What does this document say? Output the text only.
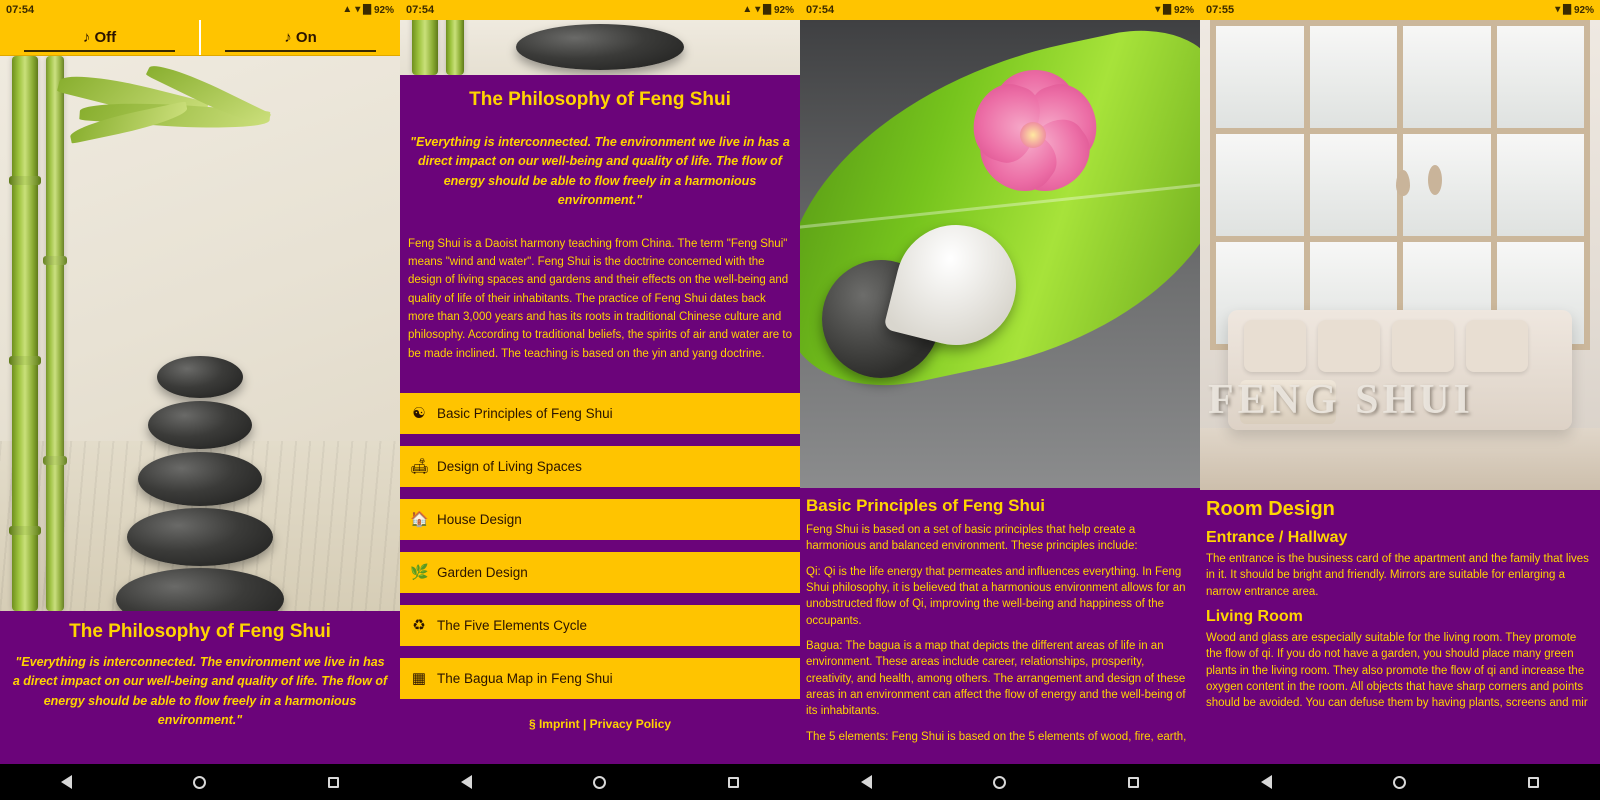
07:54	▲ ▾ ▇ 92%
♪ Off	♪ On
The Philosophy of Feng Shui
"Everything is interconnected. The environment we live in has a direct impact on our well-being and quality of life. The flow of energy should be able to flow freely in a harmonious environment."
07:54	▲ ▾ ▇ 92%
The Philosophy of Feng Shui
"Everything is interconnected. The environment we live in has a direct impact on our well-being and quality of life. The flow of energy should be able to flow freely in a harmonious environment."
Feng Shui is a Daoist harmony teaching from China. The term "Feng Shui" means "wind and water". Feng Shui is the doctrine concerned with the design of living spaces and gardens and their effects on the well-being and quality of life of their inhabitants. The practice of Feng Shui dates back more than 3,000 years and has its roots in traditional Chinese culture and philosophy. According to traditional beliefs, the spirits of air and water are to be made inclined. The teaching is based on the yin and yang doctrine.
☯ Basic Principles of Feng Shui
🛋 Design of Living Spaces
🏠 House Design
🌿 Garden Design
♻ The Five Elements Cycle
▦ The Bagua Map in Feng Shui
§ Imprint | Privacy Policy
07:54	▾ ▇ 92%
Basic Principles of Feng Shui
Feng Shui is based on a set of basic principles that help create a harmonious and balanced environment. These principles include:
Qi: Qi is the life energy that permeates and influences everything. In Feng Shui philosophy, it is believed that a harmonious environment allows for an unobstructed flow of Qi, improving the well-being and happiness of the occupants.
Bagua: The bagua is a map that depicts the different areas of life in an environment. These areas include career, relationships, prosperity, creativity, and health, among others. The arrangement and design of these areas in an environment can affect the flow of energy and the well-being of its inhabitants.
The 5 elements: Feng Shui is based on the 5 elements of wood, fire, earth,
07:55	▾ ▇ 92%
FENG SHUI
Room Design
Entrance / Hallway
The entrance is the business card of the apartment and the family that lives in it. It should be bright and friendly. Mirrors are suitable for enlarging a narrow entrance area.
Living Room
Wood and glass are especially suitable for the living room. They promote the flow of qi. If you do not have a garden, you should place many green plants in the living room. They also promote the flow of qi and increase the oxygen content in the room. All objects that have sharp corners and points should be avoided. You can defuse them by having plants, screens and mir
